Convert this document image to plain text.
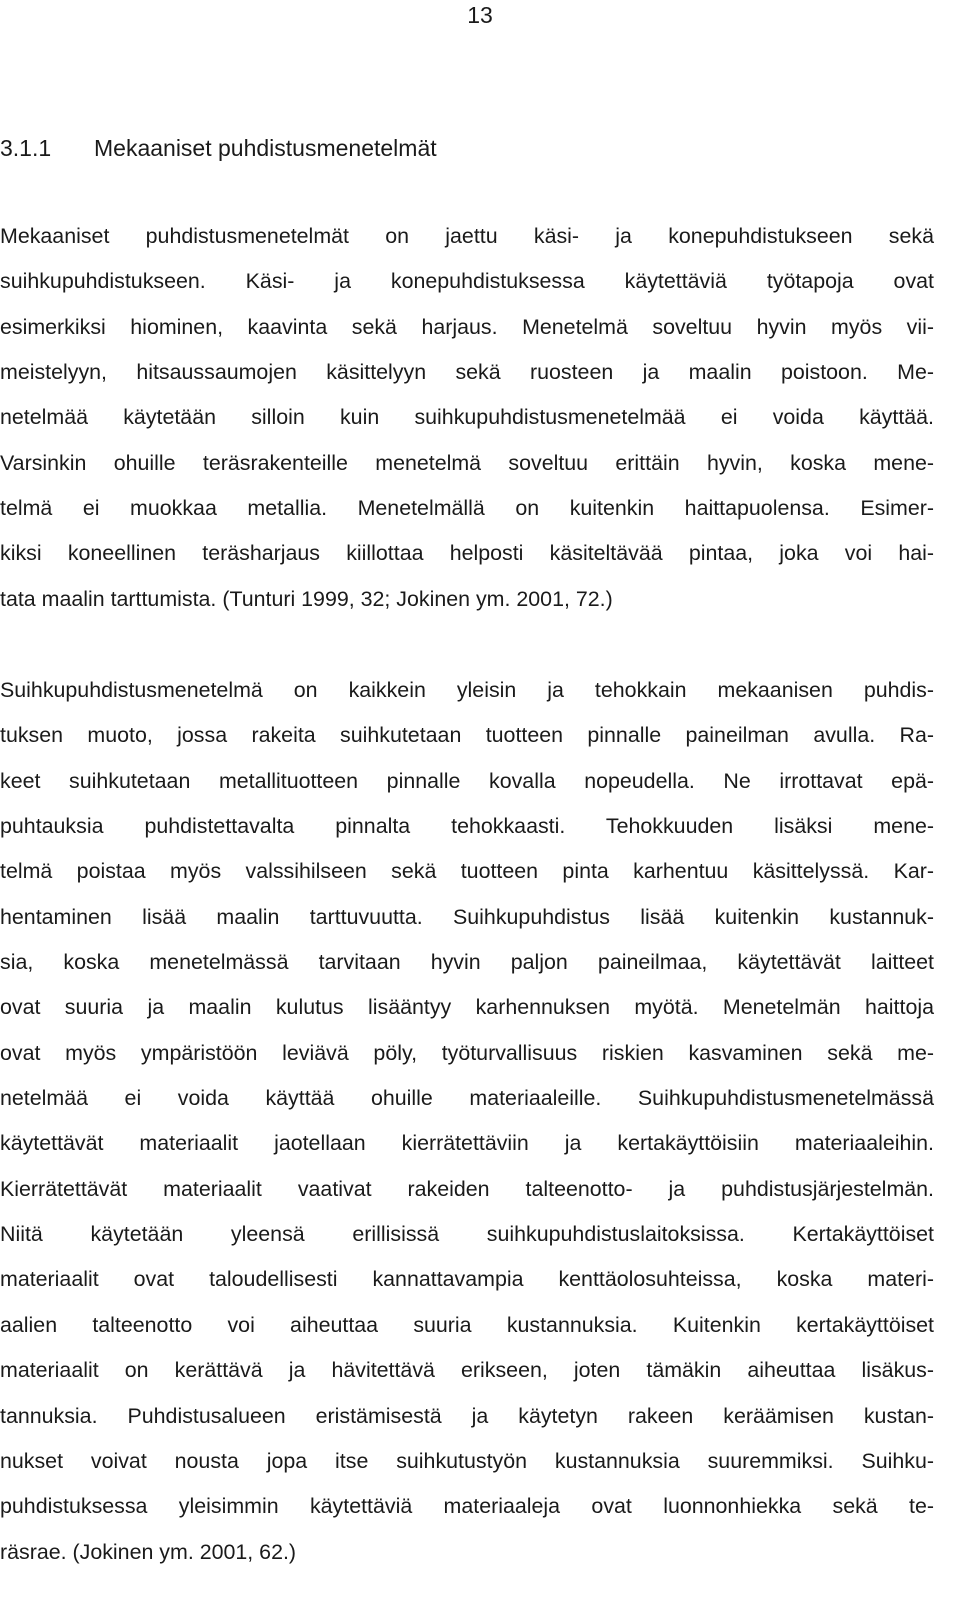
13
3.1.1 Mekaaniset puhdistusmenetelmät
Mekaaniset puhdistusmenetelmät on jaettu käsi- ja konepuhdistukseen sekä
suihkupuhdistukseen. Käsi- ja konepuhdistuksessa käytettäviä työtapoja ovat
esimerkiksi hiominen, kaavinta sekä harjaus. Menetelmä soveltuu hyvin myös vii-
meistelyyn, hitsaussaumojen käsittelyyn sekä ruosteen ja maalin poistoon. Me-
netelmää käytetään silloin kuin suihkupuhdistusmenetelmää ei voida käyttää.
Varsinkin ohuille teräsrakenteille menetelmä soveltuu erittäin hyvin, koska mene-
telmä ei muokkaa metallia. Menetelmällä on kuitenkin haittapuolensa. Esimer-
kiksi koneellinen teräsharjaus kiillottaa helposti käsiteltävää pintaa, joka voi hai-
tata maalin tarttumista. (Tunturi 1999, 32; Jokinen ym. 2001, 72.)
Suihkupuhdistusmenetelmä on kaikkein yleisin ja tehokkain mekaanisen puhdis-
tuksen muoto, jossa rakeita suihkutetaan tuotteen pinnalle paineilman avulla. Ra-
keet suihkutetaan metallituotteen pinnalle kovalla nopeudella. Ne irrottavat epä-
puhtauksia puhdistettavalta pinnalta tehokkaasti. Tehokkuuden lisäksi mene-
telmä poistaa myös valssihilseen sekä tuotteen pinta karhentuu käsittelyssä. Kar-
hentaminen lisää maalin tarttuvuutta. Suihkupuhdistus lisää kuitenkin kustannuk-
sia, koska menetelmässä tarvitaan hyvin paljon paineilmaa, käytettävät laitteet
ovat suuria ja maalin kulutus lisääntyy karhennuksen myötä. Menetelmän haittoja
ovat myös ympäristöön leviävä pöly, työturvallisuus riskien kasvaminen sekä me-
netelmää ei voida käyttää ohuille materiaaleille. Suihkupuhdistusmenetelmässä
käytettävät materiaalit jaotellaan kierrätettäviin ja kertakäyttöisiin materiaaleihin.
Kierrätettävät materiaalit vaativat rakeiden talteenotto- ja puhdistusjärjestelmän.
Niitä käytetään yleensä erillisissä suihkupuhdistuslaitoksissa. Kertakäyttöiset
materiaalit ovat taloudellisesti kannattavampia kenttäolosuhteissa, koska materi-
aalien talteenotto voi aiheuttaa suuria kustannuksia. Kuitenkin kertakäyttöiset
materiaalit on kerättävä ja hävitettävä erikseen, joten tämäkin aiheuttaa lisäkus-
tannuksia. Puhdistusalueen eristämisestä ja käytetyn rakeen keräämisen kustan-
nukset voivat nousta jopa itse suihkutustyön kustannuksia suuremmiksi. Suihku-
puhdistuksessa yleisimmin käytettäviä materiaaleja ovat luonnonhiekka sekä te-
räsrae. (Jokinen ym. 2001, 62.)
